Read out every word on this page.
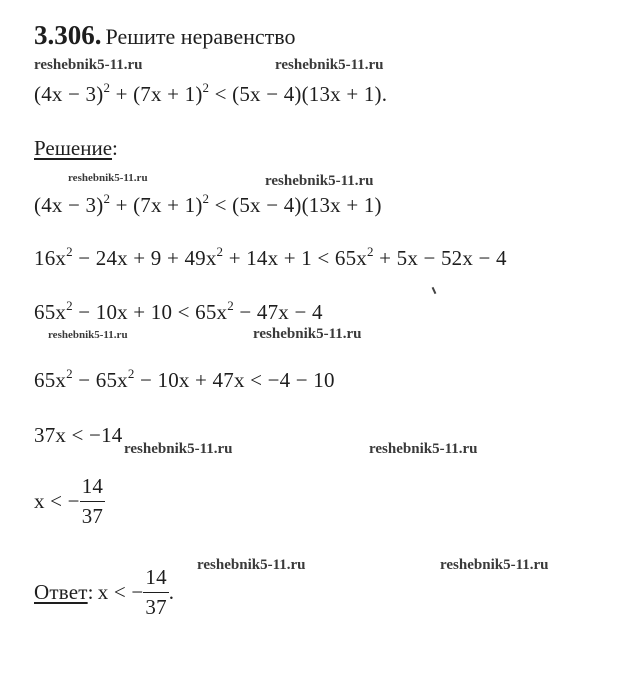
3.306. Решите неравенство
reshebnik5-11.ru	reshebnik5-11.ru
$(4x - 3)^2 + (7x + 1)^2 < (5x - 4)(13x + 1)$.
Решение:
reshebnik5-11.ru	reshebnik5-11.ru
$(4x - 3)^2 + (7x + 1)^2 < (5x - 4)(13x + 1)$
$16x^2 - 24x + 9 + 49x^2 + 14x + 1 < 65x^2 + 5x - 52x - 4$
$65x^2 - 10x + 10 < 65x^2 - 47x - 4$
reshebnik5-11.ru	reshebnik5-11.ru
$65x^2 - 65x^2 - 10x + 47x < -4 - 10$
37x < −14
reshebnik5-11.ru	reshebnik5-11.ru
x < − $\frac{14}{37}$
reshebnik5-11.ru	reshebnik5-11.ru
Ответ : x < − $\frac{14}{37}$ .
